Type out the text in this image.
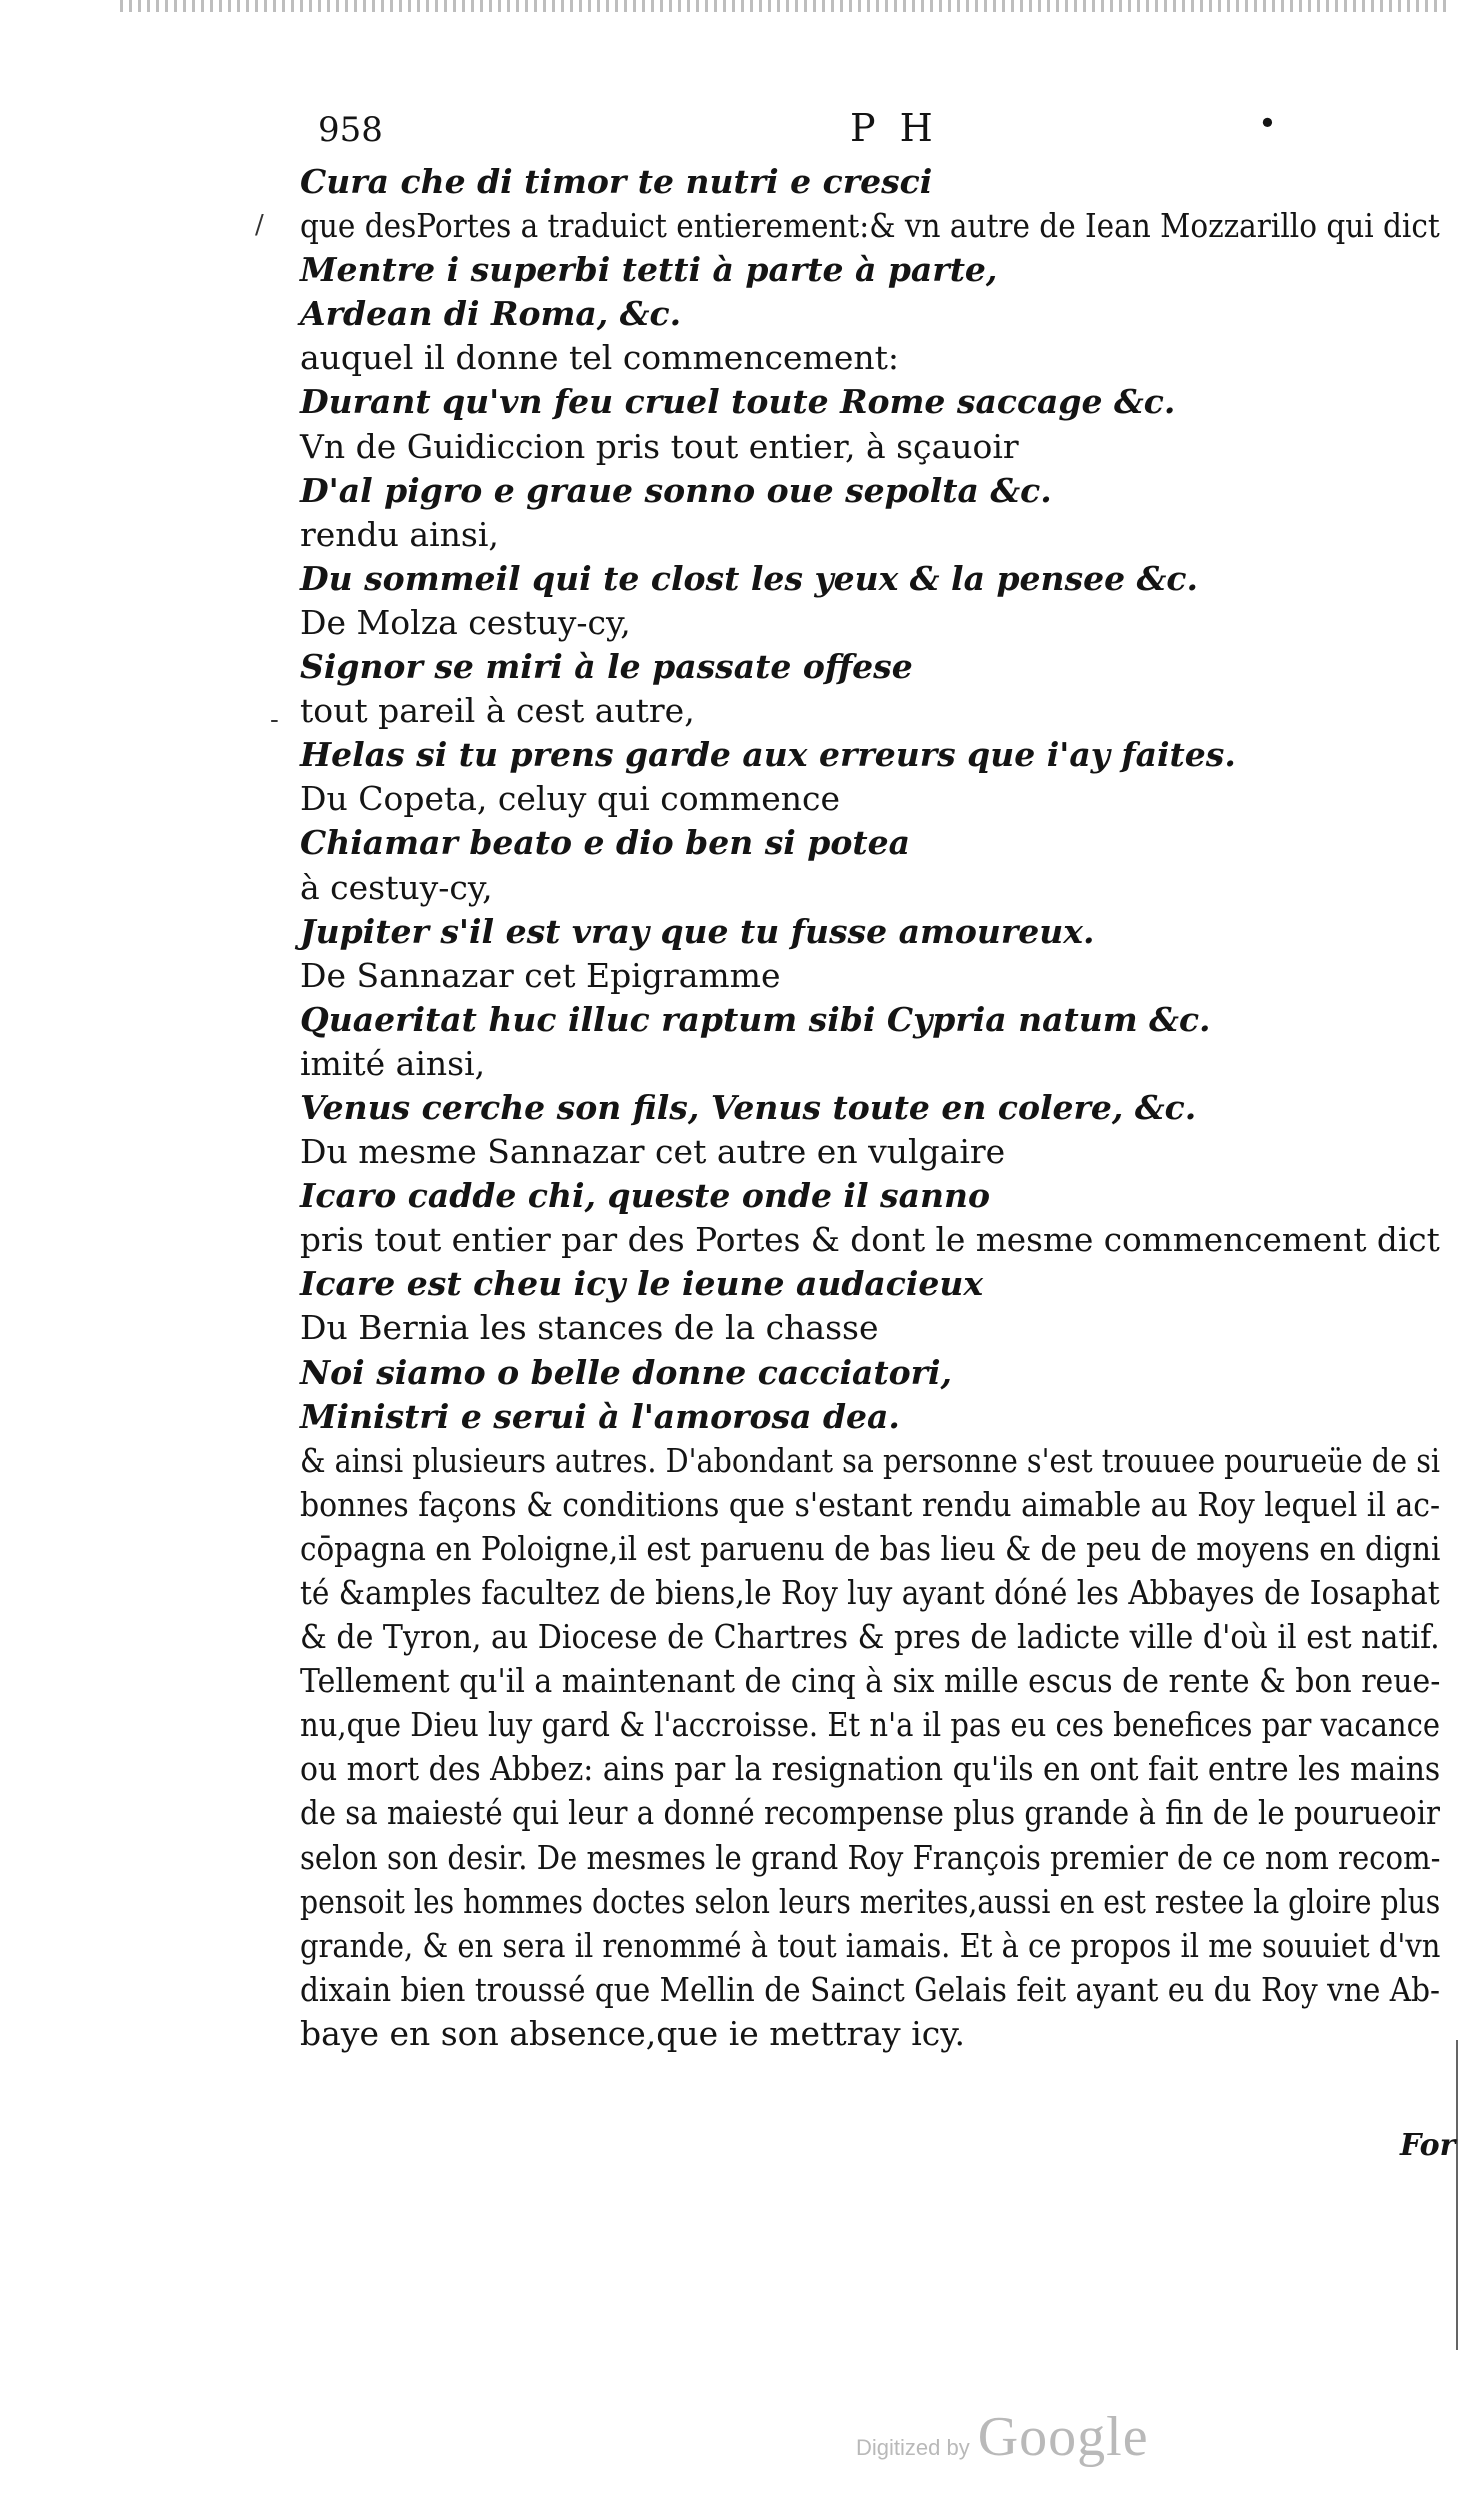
958	P H	•
/
-
Cura che di timor te nutri e cresci
que desPortes a traduict entierement:& vn autre de Iean Mozzarillo qui dict
Mentre i superbi tetti à parte à parte,
Ardean di Roma, &c.
auquel il donne tel commencement:
Durant qu'vn feu cruel toute Rome saccage &c.
Vn de Guidiccion pris tout entier, à sçauoir
D'al pigro e graue sonno oue sepolta &c.
rendu ainsi,
Du sommeil qui te clost les yeux & la pensee &c.
De Molza cestuy-cy,
Signor se miri à le passate offese
tout pareil à cest autre,
Helas si tu prens garde aux erreurs que i'ay faites.
Du Copeta, celuy qui commence
Chiamar beato e dio ben si potea
à cestuy-cy,
Jupiter s'il est vray que tu fusse amoureux.
De Sannazar cet Epigramme
Quaeritat huc illuc raptum sibi Cypria natum &c.
imité ainsi,
Venus cerche son fils, Venus toute en colere, &c.
Du mesme Sannazar cet autre en vulgaire
Icaro cadde chi, queste onde il sanno
pris tout entier par des Portes & dont le mesme commencement dict
Icare est cheu icy le ieune audacieux
Du Bernia les stances de la chasse
Noi siamo o belle donne cacciatori,
Ministri e serui à l'amorosa dea.
& ainsi plusieurs autres. D'abondant sa personne s'est trouuee pourueüe de si
bonnes façons & conditions que s'estant rendu aimable au Roy lequel il ac-
cōpagna en Poloigne,il est paruenu de bas lieu & de peu de moyens en digni
té &amples facultez de biens,le Roy luy ayant dóné les Abbayes de Iosaphat
& de Tyron, au Diocese de Chartres & pres de ladicte ville d'où il est natif.
Tellement qu'il a maintenant de cinq à six mille escus de rente & bon reue-
nu,que Dieu luy gard & l'accroisse. Et n'a il pas eu ces benefices par vacance
ou mort des Abbez: ains par la resignation qu'ils en ont fait entre les mains
de sa maiesté qui leur a donné recompense plus grande à fin de le pourueoir
selon son desir. De mesmes le grand Roy François premier de ce nom recom-
pensoit les hommes doctes selon leurs merites,aussi en est restee la gloire plus
grande, & en sera il renommé à tout iamais. Et à ce propos il me souuiet d'vn
dixain bien troussé que Mellin de Sainct Gelais feit ayant eu du Roy vne Ab-
baye en son absence,que ie mettray icy.
For
Digitized by Google
